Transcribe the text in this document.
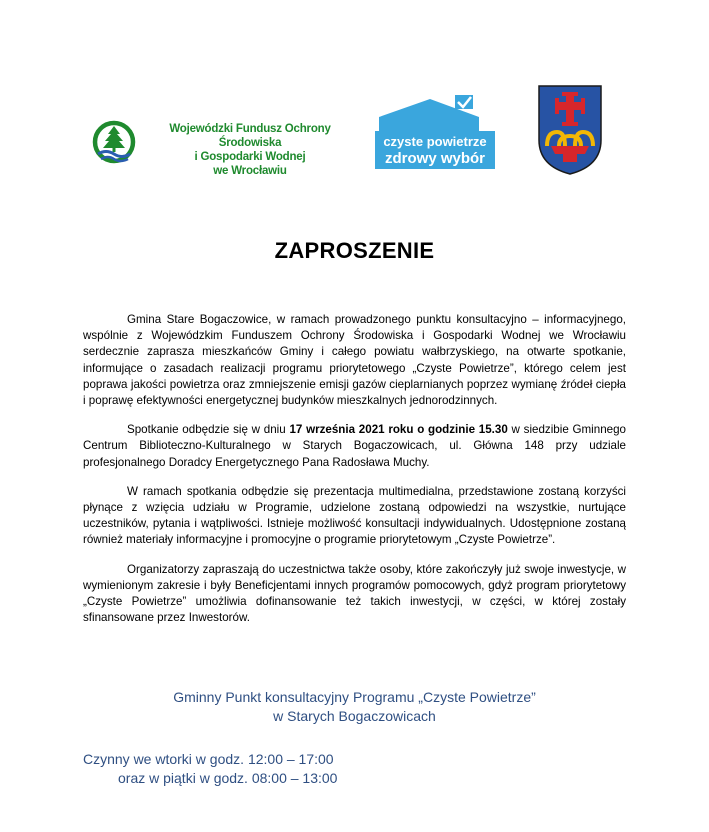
Wojewódzki Fundusz Ochrony Środowiska
i Gospodarki Wodnej
we Wrocławiu
czyste powietrze
zdrowy wybór
ZAPROSZENIE

Gmina Stare Bogaczowice, w ramach prowadzonego punktu konsultacyjno – informacyjnego, wspólnie z Wojewódzkim Funduszem Ochrony Środowiska i Gospodarki Wodnej we Wrocławiu serdecznie zaprasza mieszkańców Gminy i całego powiatu wałbrzyskiego, na otwarte spotkanie, informujące o zasadach realizacji programu priorytetowego „Czyste Powietrze”, którego celem jest poprawa jakości powietrza oraz zmniejszenie emisji gazów cieplarnianych poprzez wymianę źródeł ciepła i poprawę efektywności energetycznej budynków mieszkalnych jednorodzinnych.

Spotkanie odbędzie się w dniu 17 września 2021 roku o godzinie 15.30 w siedzibie Gminnego Centrum Biblioteczno-Kulturalnego w Starych Bogaczowicach, ul. Główna 148 przy udziale profesjonalnego Doradcy Energetycznego Pana Radosława Muchy.

W ramach spotkania odbędzie się prezentacja multimedialna, przedstawione zostaną korzyści płynące z wzięcia udziału w Programie, udzielone zostaną odpowiedzi na wszystkie, nurtujące uczestników, pytania i wątpliwości. Istnieje możliwość konsultacji indywidualnych. Udostępnione zostaną również materiały informacyjne i promocyjne o programie priorytetowym „Czyste Powietrze”.

Organizatorzy zapraszają do uczestnictwa także osoby, które zakończyły już swoje inwestycje, w wymienionym zakresie i były Beneficjentami innych programów pomocowych, gdyż program priorytetowy „Czyste Powietrze” umożliwia dofinansowanie też takich inwestycji, w części, w której zostały sfinansowane przez Inwestorów.

Gminny Punkt konsultacyjny Programu „Czyste Powietrze”
w Starych Bogaczowicach
Czynny we wtorki w godz. 12:00 – 17:00
oraz w piątki w godz. 08:00 – 13:00
